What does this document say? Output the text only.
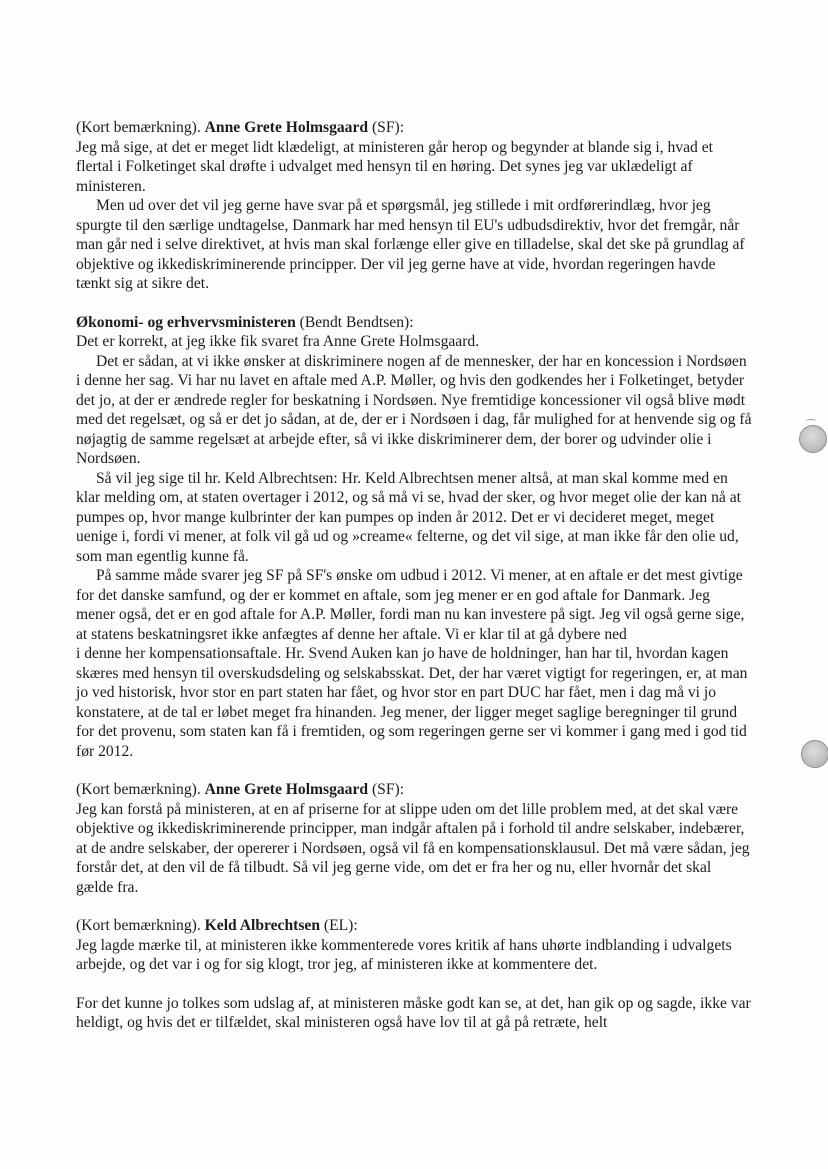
(Kort bemærkning). Anne Grete Holmsgaard (SF):

Jeg må sige, at det er meget lidt klædeligt, at ministeren går herop og begynder at blande sig i, hvad et flertal i Folketinget skal drøfte i udvalget med hensyn til en høring. Det synes jeg var uklædeligt af ministeren.

Men ud over det vil jeg gerne have svar på et spørgsmål, jeg stillede i mit ordførerindlæg, hvor jeg spurgte til den særlige undtagelse, Danmark har med hensyn til EU's udbudsdirektiv, hvor det fremgår, når man går ned i selve direktivet, at hvis man skal forlænge eller give en tilladelse, skal det ske på grundlag af objektive og ikkediskriminerende principper. Der vil jeg gerne have at vide, hvordan regeringen havde tænkt sig at sikre det.

Økonomi- og erhvervsministeren (Bendt Bendtsen):

Det er korrekt, at jeg ikke fik svaret fra Anne Grete Holmsgaard.

Det er sådan, at vi ikke ønsker at diskriminere nogen af de mennesker, der har en koncession i Nordsøen i denne her sag. Vi har nu lavet en aftale med A.P. Møller, og hvis den godkendes her i Folketinget, betyder det jo, at der er ændrede regler for beskatning i Nordsøen. Nye fremtidige koncessioner vil også blive mødt med det regelsæt, og så er det jo sådan, at de, der er i Nordsøen i dag, får mulighed for at henvende sig og få nøjagtig de samme regelsæt at arbejde efter, så vi ikke diskriminerer dem, der borer og udvinder olie i Nordsøen.

Så vil jeg sige til hr. Keld Albrechtsen: Hr. Keld Albrechtsen mener altså, at man skal komme med en klar melding om, at staten overtager i 2012, og så må vi se, hvad der sker, og hvor meget olie der kan nå at pumpes op, hvor mange kulbrinter der kan pumpes op inden år 2012. Det er vi decideret meget, meget uenige i, fordi vi mener, at folk vil gå ud og »creame« felterne, og det vil sige, at man ikke får den olie ud, som man egentlig kunne få.

På samme måde svarer jeg SF på SF's ønske om udbud i 2012. Vi mener, at en aftale er det mest givtige for det danske samfund, og der er kommet en aftale, som jeg mener er en god aftale for Danmark. Jeg mener også, det er en god aftale for A.P. Møller, fordi man nu kan investere på sigt. Jeg vil også gerne sige, at statens beskatningsret ikke anfægtes af denne her aftale. Vi er klar til at gå dybere ned

i denne her kompensationsaftale. Hr. Svend Auken kan jo have de holdninger, han har til, hvordan kagen skæres med hensyn til overskudsdeling og selskabsskat. Det, der har været vigtigt for regeringen, er, at man jo ved historisk, hvor stor en part staten har fået, og hvor stor en part DUC har fået, men i dag må vi jo konstatere, at de tal er løbet meget fra hinanden. Jeg mener, der ligger meget saglige beregninger til grund for det provenu, som staten kan få i fremtiden, og som regeringen gerne ser vi kommer i gang med i god tid før 2012.

(Kort bemærkning). Anne Grete Holmsgaard (SF):

Jeg kan forstå på ministeren, at en af priserne for at slippe uden om det lille problem med, at det skal være objektive og ikkediskriminerende principper, man indgår aftalen på i forhold til andre selskaber, indebærer, at de andre selskaber, der opererer i Nordsøen, også vil få en kompensationsklausul. Det må være sådan, jeg forstår det, at den vil de få tilbudt. Så vil jeg gerne vide, om det er fra her og nu, eller hvornår det skal gælde fra.

(Kort bemærkning). Keld Albrechtsen (EL):

Jeg lagde mærke til, at ministeren ikke kommenterede vores kritik af hans uhørte indblanding i udvalgets arbejde, og det var i og for sig klogt, tror jeg, af ministeren ikke at kommentere det.

For det kunne jo tolkes som udslag af, at ministeren måske godt kan se, at det, han gik op og sagde, ikke var heldigt, og hvis det er tilfældet, skal ministeren også have lov til at gå på retræte, helt
